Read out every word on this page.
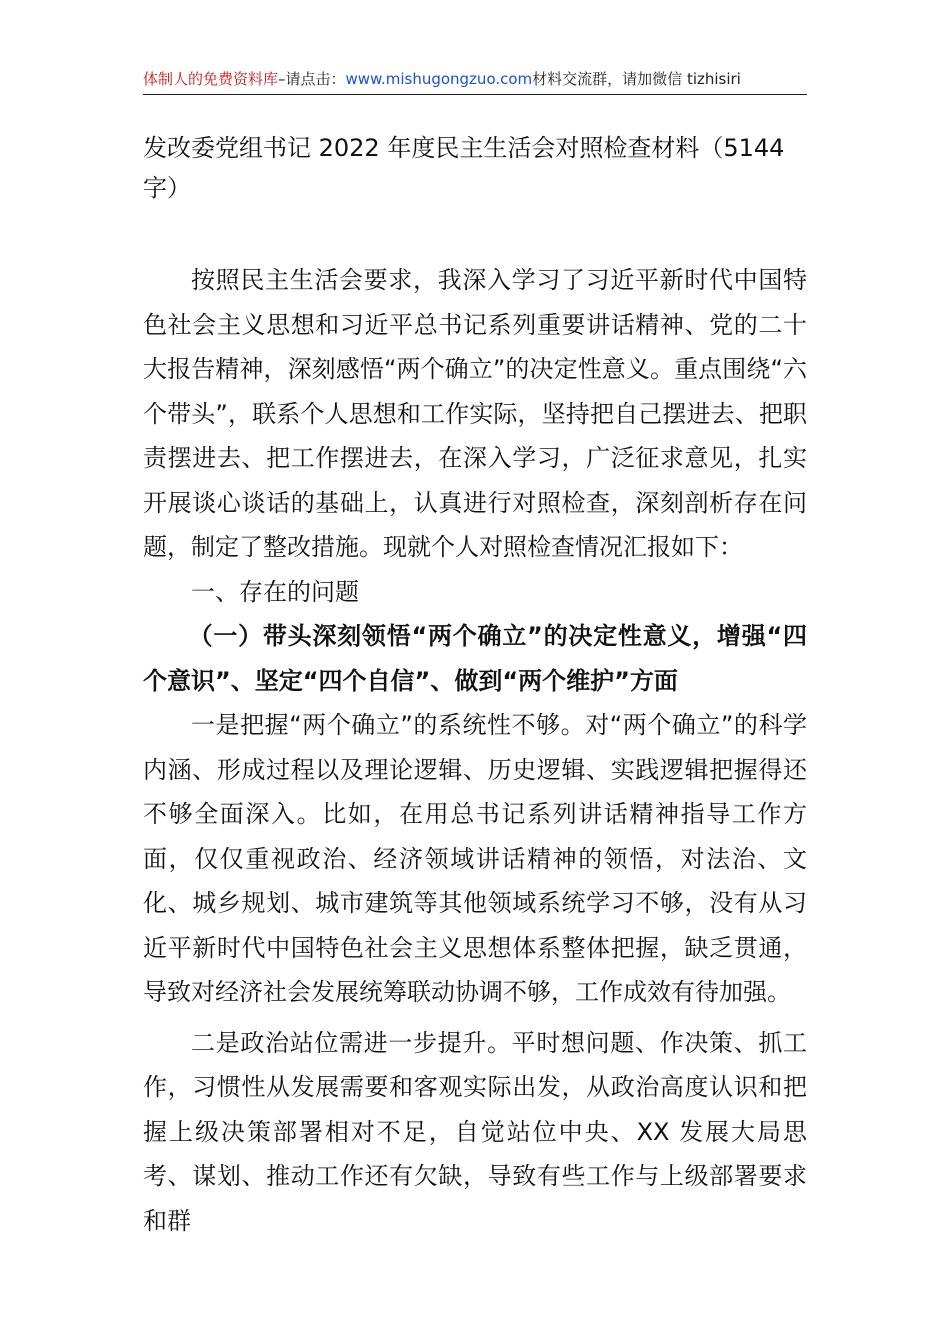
体制人的免费资料库–请点击：www.mishugongzuo.com材料交流群，请加微信 tizhisiri
发改委党组书记 2022 年度民主生活会对照检查材料（5144字）

按照民主生活会要求，我深入学习了习近平新时代中国特色社会主义思想和习近平总书记系列重要讲话精神、党的二十大报告精神，深刻感悟“两个确立”的决定性意义。重点围绕“六个带头”，联系个人思想和工作实际，坚持把自己摆进去、把职责摆进去、把工作摆进去，在深入学习，广泛征求意见，扎实开展谈心谈话的基础上，认真进行对照检查，深刻剖析存在问题，制定了整改措施。现就个人对照检查情况汇报如下：

一、存在的问题

（一）带头深刻领悟“两个确立”的决定性意义，增强“四个意识”、坚定“四个自信”、做到“两个维护”方面

一是把握“两个确立”的系统性不够。对“两个确立”的科学内涵、形成过程以及理论逻辑、历史逻辑、实践逻辑把握得还不够全面深入。比如，在用总书记系列讲话精神指导工作方面，仅仅重视政治、经济领域讲话精神的领悟，对法治、文化、城乡规划、城市建筑等其他领域系统学习不够，没有从习近平新时代中国特色社会主义思想体系整体把握，缺乏贯通，导致对经济社会发展统筹联动协调不够，工作成效有待加强。

二是政治站位需进一步提升。平时想问题、作决策、抓工作，习惯性从发展需要和客观实际出发，从政治高度认识和把握上级决策部署相对不足，自觉站位中央、XX 发展大局思考、谋划、推动工作还有欠缺，导致有些工作与上级部署要求和群
